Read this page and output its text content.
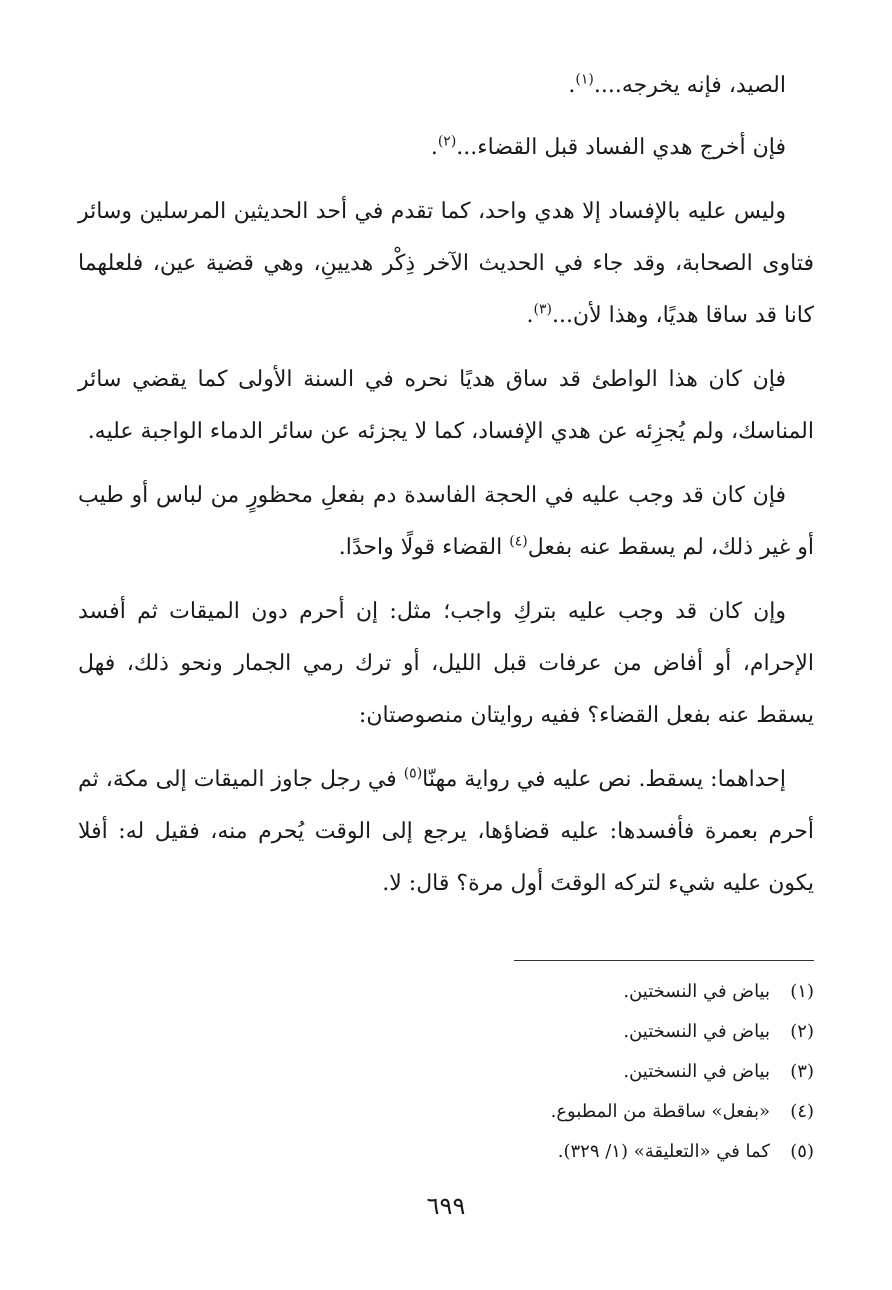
الصيد، فإنه يخرجه....$^{(١)}$.

فإن أخرج هدي الفساد قبل القضاء...$^{(٢)}$.

وليس عليه بالإفساد إلا هدي واحد، كما تقدم في أحد الحديثين المرسلين وسائر فتاوى الصحابة، وقد جاء في الحديث الآخر ذِكْر هديينِ، وهي قضية عين، فلعلهما كانا قد ساقا هديًا، وهذا لأن...$^{(٣)}$.

فإن كان هذا الواطئ قد ساق هديًا نحره في السنة الأولى كما يقضي سائر المناسك، ولم يُجزِئه عن هدي الإفساد، كما لا يجزئه عن سائر الدماء الواجبة عليه.

فإن كان قد وجب عليه في الحجة الفاسدة دم بفعلِ محظورٍ من لباس أو طيب أو غير ذلك، لم يسقط عنه بفعل$^{(٤)}$ القضاء قولًا واحدًا.

وإن كان قد وجب عليه بتركِ واجب؛ مثل: إن أحرم دون الميقات ثم أفسد الإحرام، أو أفاض من عرفات قبل الليل، أو ترك رمي الجمار ونحو ذلك، فهل يسقط عنه بفعل القضاء؟ ففيه روايتان منصوصتان:

إحداهما: يسقط. نص عليه في رواية مهنّا$^{(٥)}$ في رجل جاوز الميقات إلى مكة، ثم أحرم بعمرة فأفسدها: عليه قضاؤها، يرجع إلى الوقت يُحرم منه، فقيل له: أفلا يكون عليه شيء لتركه الوقتَ أول مرة؟ قال: لا.

(١)بياض في النسختين.
(٢)بياض في النسختين.
(٣)بياض في النسختين.
(٤)«بفعل» ساقطة من المطبوع.
(٥)كما في «التعليقة» (١/ ٣٢٩).
٦٩٩
